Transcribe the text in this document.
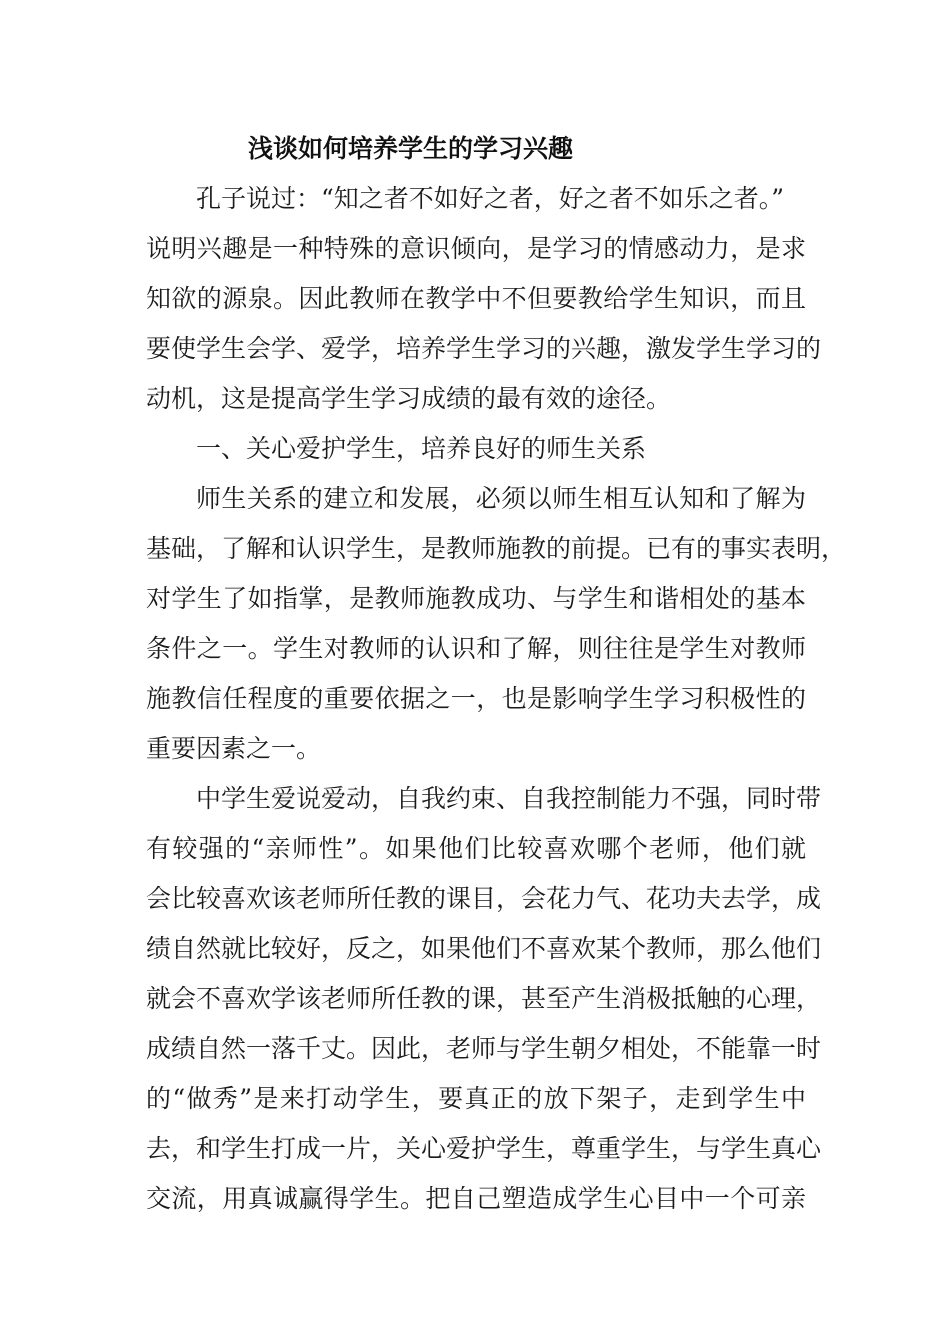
浅谈如何培养学生的学习兴趣
孔子说过：“知之者不如好之者，好之者不如乐之者。”
说明兴趣是一种特殊的意识倾向，是学习的情感动力，是求
知欲的源泉。因此教师在教学中不但要教给学生知识，而且
要使学生会学、爱学，培养学生学习的兴趣，激发学生学习的
动机，这是提高学生学习成绩的最有效的途径。
一、关心爱护学生，培养良好的师生关系
师生关系的建立和发展，必须以师生相互认知和了解为
基础，了解和认识学生，是教师施教的前提。已有的事实表明，
对学生了如指掌，是教师施教成功、与学生和谐相处的基本
条件之一。学生对教师的认识和了解，则往往是学生对教师
施教信任程度的重要依据之一，也是影响学生学习积极性的
重要因素之一。
中学生爱说爱动，自我约束、自我控制能力不强，同时带
有较强的“亲师性”。如果他们比较喜欢哪个老师，他们就
会比较喜欢该老师所任教的课目，会花力气、花功夫去学，成
绩自然就比较好，反之，如果他们不喜欢某个教师，那么他们
就会不喜欢学该老师所任教的课，甚至产生消极抵触的心理，
成绩自然一落千丈。因此，老师与学生朝夕相处，不能靠一时
的“做秀”是来打动学生，要真正的放下架子，走到学生中
去，和学生打成一片，关心爱护学生，尊重学生，与学生真心
交流，用真诚赢得学生。把自己塑造成学生心目中一个可亲
